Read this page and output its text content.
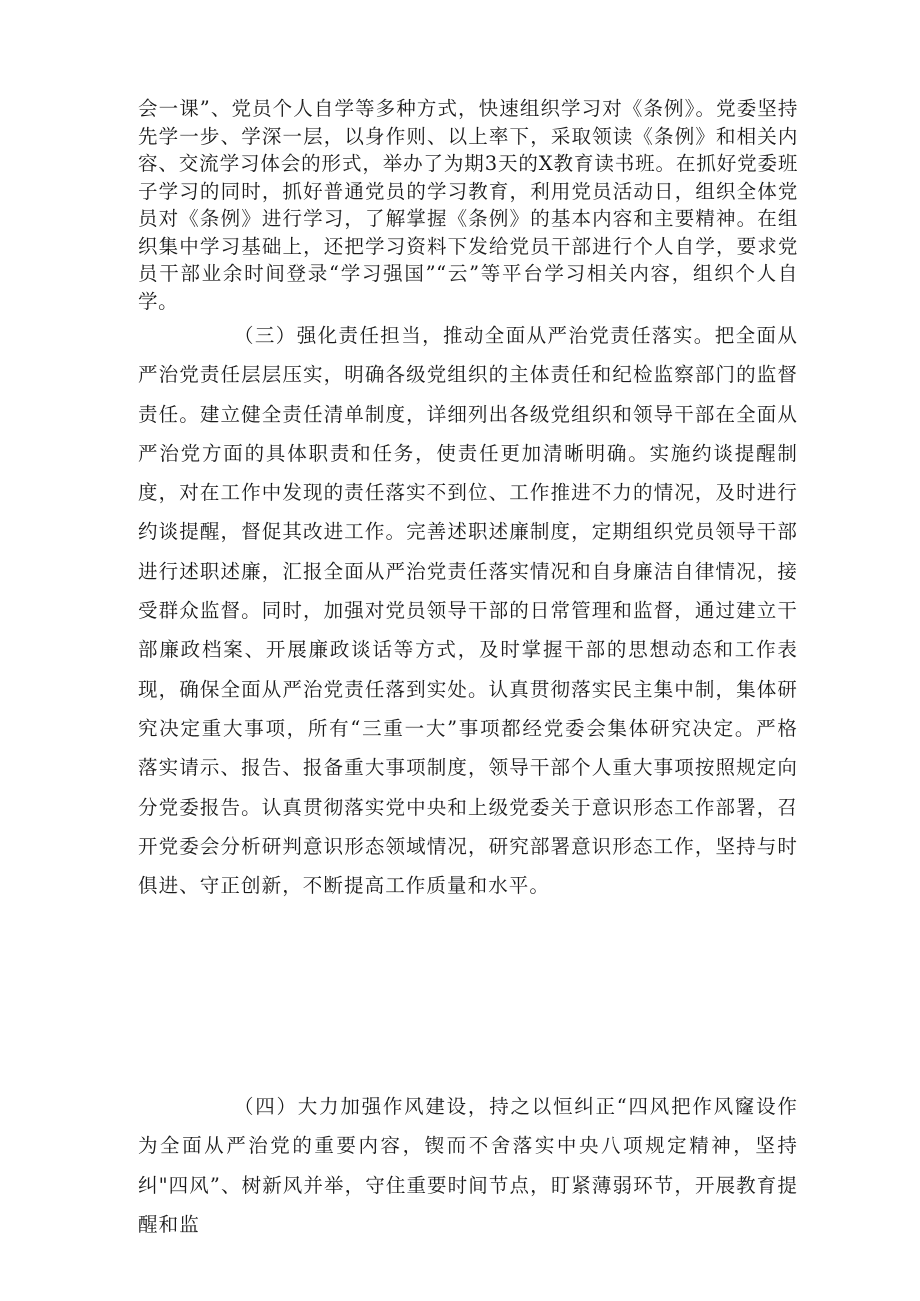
会一课”、党员个人自学等多种方式，快速组织学习对《条例》。党委坚持先学一步、学深一层，以身作则、以上率下，采取领读《条例》和相关内容、交流学习体会的形式，举办了为期3天的X教育读书班。在抓好党委班子学习的同时，抓好普通党员的学习教育，利用党员活动日，组织全体党员对《条例》进行学习，了解掌握《条例》的基本内容和主要精神。在组织集中学习基础上，还把学习资料下发给党员干部进行个人自学，要求党员干部业余时间登录“学习强国”“云”等平台学习相关内容，组织个人自学。

（三）强化责任担当，推动全面从严治党责任落实。把全面从严治党责任层层压实，明确各级党组织的主体责任和纪检监察部门的监督责任。建立健全责任清单制度，详细列出各级党组织和领导干部在全面从严治党方面的具体职责和任务，使责任更加清晰明确。实施约谈提醒制度，对在工作中发现的责任落实不到位、工作推进不力的情况，及时进行约谈提醒，督促其改进工作。完善述职述廉制度，定期组织党员领导干部进行述职述廉，汇报全面从严治党责任落实情况和自身廉洁自律情况，接受群众监督。同时，加强对党员领导干部的日常管理和监督，通过建立干部廉政档案、开展廉政谈话等方式，及时掌握干部的思想动态和工作表现，确保全面从严治党责任落到实处。认真贯彻落实民主集中制，集体研究决定重大事项，所有“三重一大”事项都经党委会集体研究决定。严格落实请示、报告、报备重大事项制度，领导干部个人重大事项按照规定向分党委报告。认真贯彻落实党中央和上级党委关于意识形态工作部署，召开党委会分析研判意识形态领域情况，研究部署意识形态工作，坚持与时俱进、守正创新，不断提高工作质量和水平。

（四）大力加强作风建设，持之以恒纠正“四风把作风窿设作为全面从严治党的重要内容，锲而不舍落实中央八项规定精神，坚持纠"四风”、树新风并举，守住重要时间节点，盯紧薄弱环节，开展教育提醒和监
